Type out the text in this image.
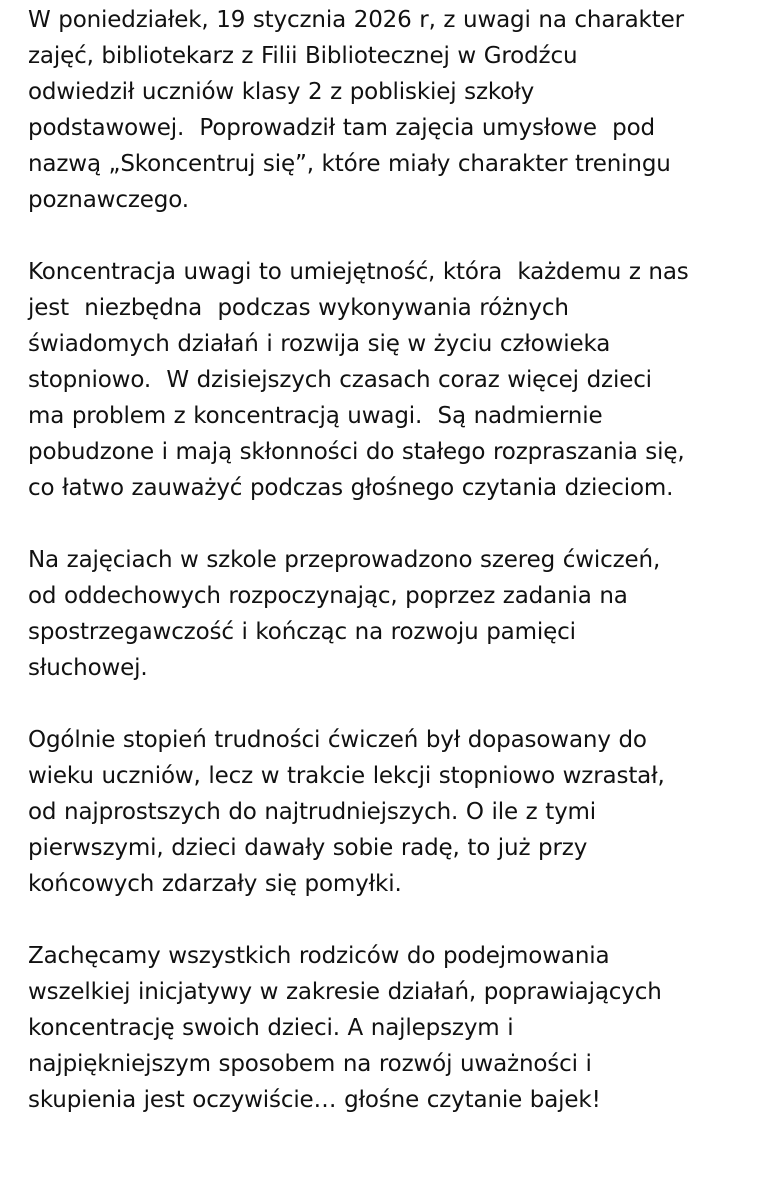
W poniedziałek, 19 stycznia 2026 r, z uwagi na charakter
zajęć, bibliotekarz z Filii Bibliotecznej w Grodźcu
odwiedził uczniów klasy 2 z pobliskiej szkoły
podstawowej.  Poprowadził tam zajęcia umysłowe  pod
nazwą „Skoncentruj się”, które miały charakter treningu
poznawczego.

Koncentracja uwagi to umiejętność, która  każdemu z nas
jest  niezbędna  podczas wykonywania różnych
świadomych działań i rozwija się w życiu człowieka
stopniowo.  W dzisiejszych czasach coraz więcej dzieci
ma problem z koncentracją uwagi.  Są nadmiernie
pobudzone i mają skłonności do stałego rozpraszania się,
co łatwo zauważyć podczas głośnego czytania dzieciom.

Na zajęciach w szkole przeprowadzono szereg ćwiczeń,
od oddechowych rozpoczynając, poprzez zadania na
spostrzegawczość i kończąc na rozwoju pamięci
słuchowej.

Ogólnie stopień trudności ćwiczeń był dopasowany do
wieku uczniów, lecz w trakcie lekcji stopniowo wzrastał,
od najprostszych do najtrudniejszych. O ile z tymi
pierwszymi, dzieci dawały sobie radę, to już przy
końcowych zdarzały się pomyłki.

Zachęcamy wszystkich rodziców do podejmowania
wszelkiej inicjatywy w zakresie działań, poprawiających
koncentrację swoich dzieci. A najlepszym i
najpiękniejszym sposobem na rozwój uważności i
skupienia jest oczywiście… głośne czytanie bajek!
